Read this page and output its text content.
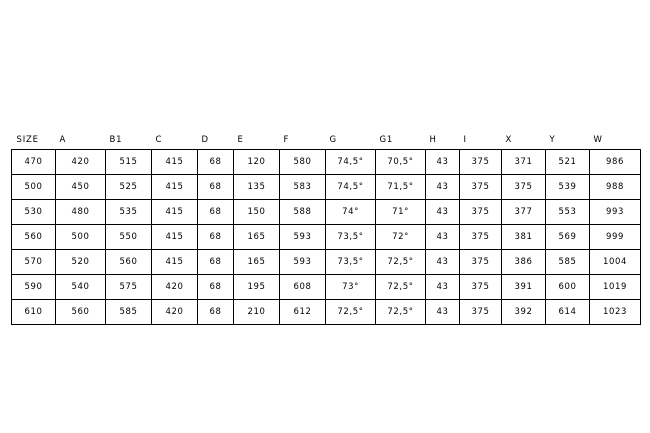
SIZE	A	B1	C	D	E	F	G	G1	H	I	X	Y	W
470	420	515	415	68	120	580	74,5°	70,5°	43	375	371	521	986
500	450	525	415	68	135	583	74,5°	71,5°	43	375	375	539	988
530	480	535	415	68	150	588	74°	71°	43	375	377	553	993
560	500	550	415	68	165	593	73,5°	72°	43	375	381	569	999
570	520	560	415	68	165	593	73,5°	72,5°	43	375	386	585	1004
590	540	575	420	68	195	608	73°	72,5°	43	375	391	600	1019
610	560	585	420	68	210	612	72,5°	72,5°	43	375	392	614	1023
